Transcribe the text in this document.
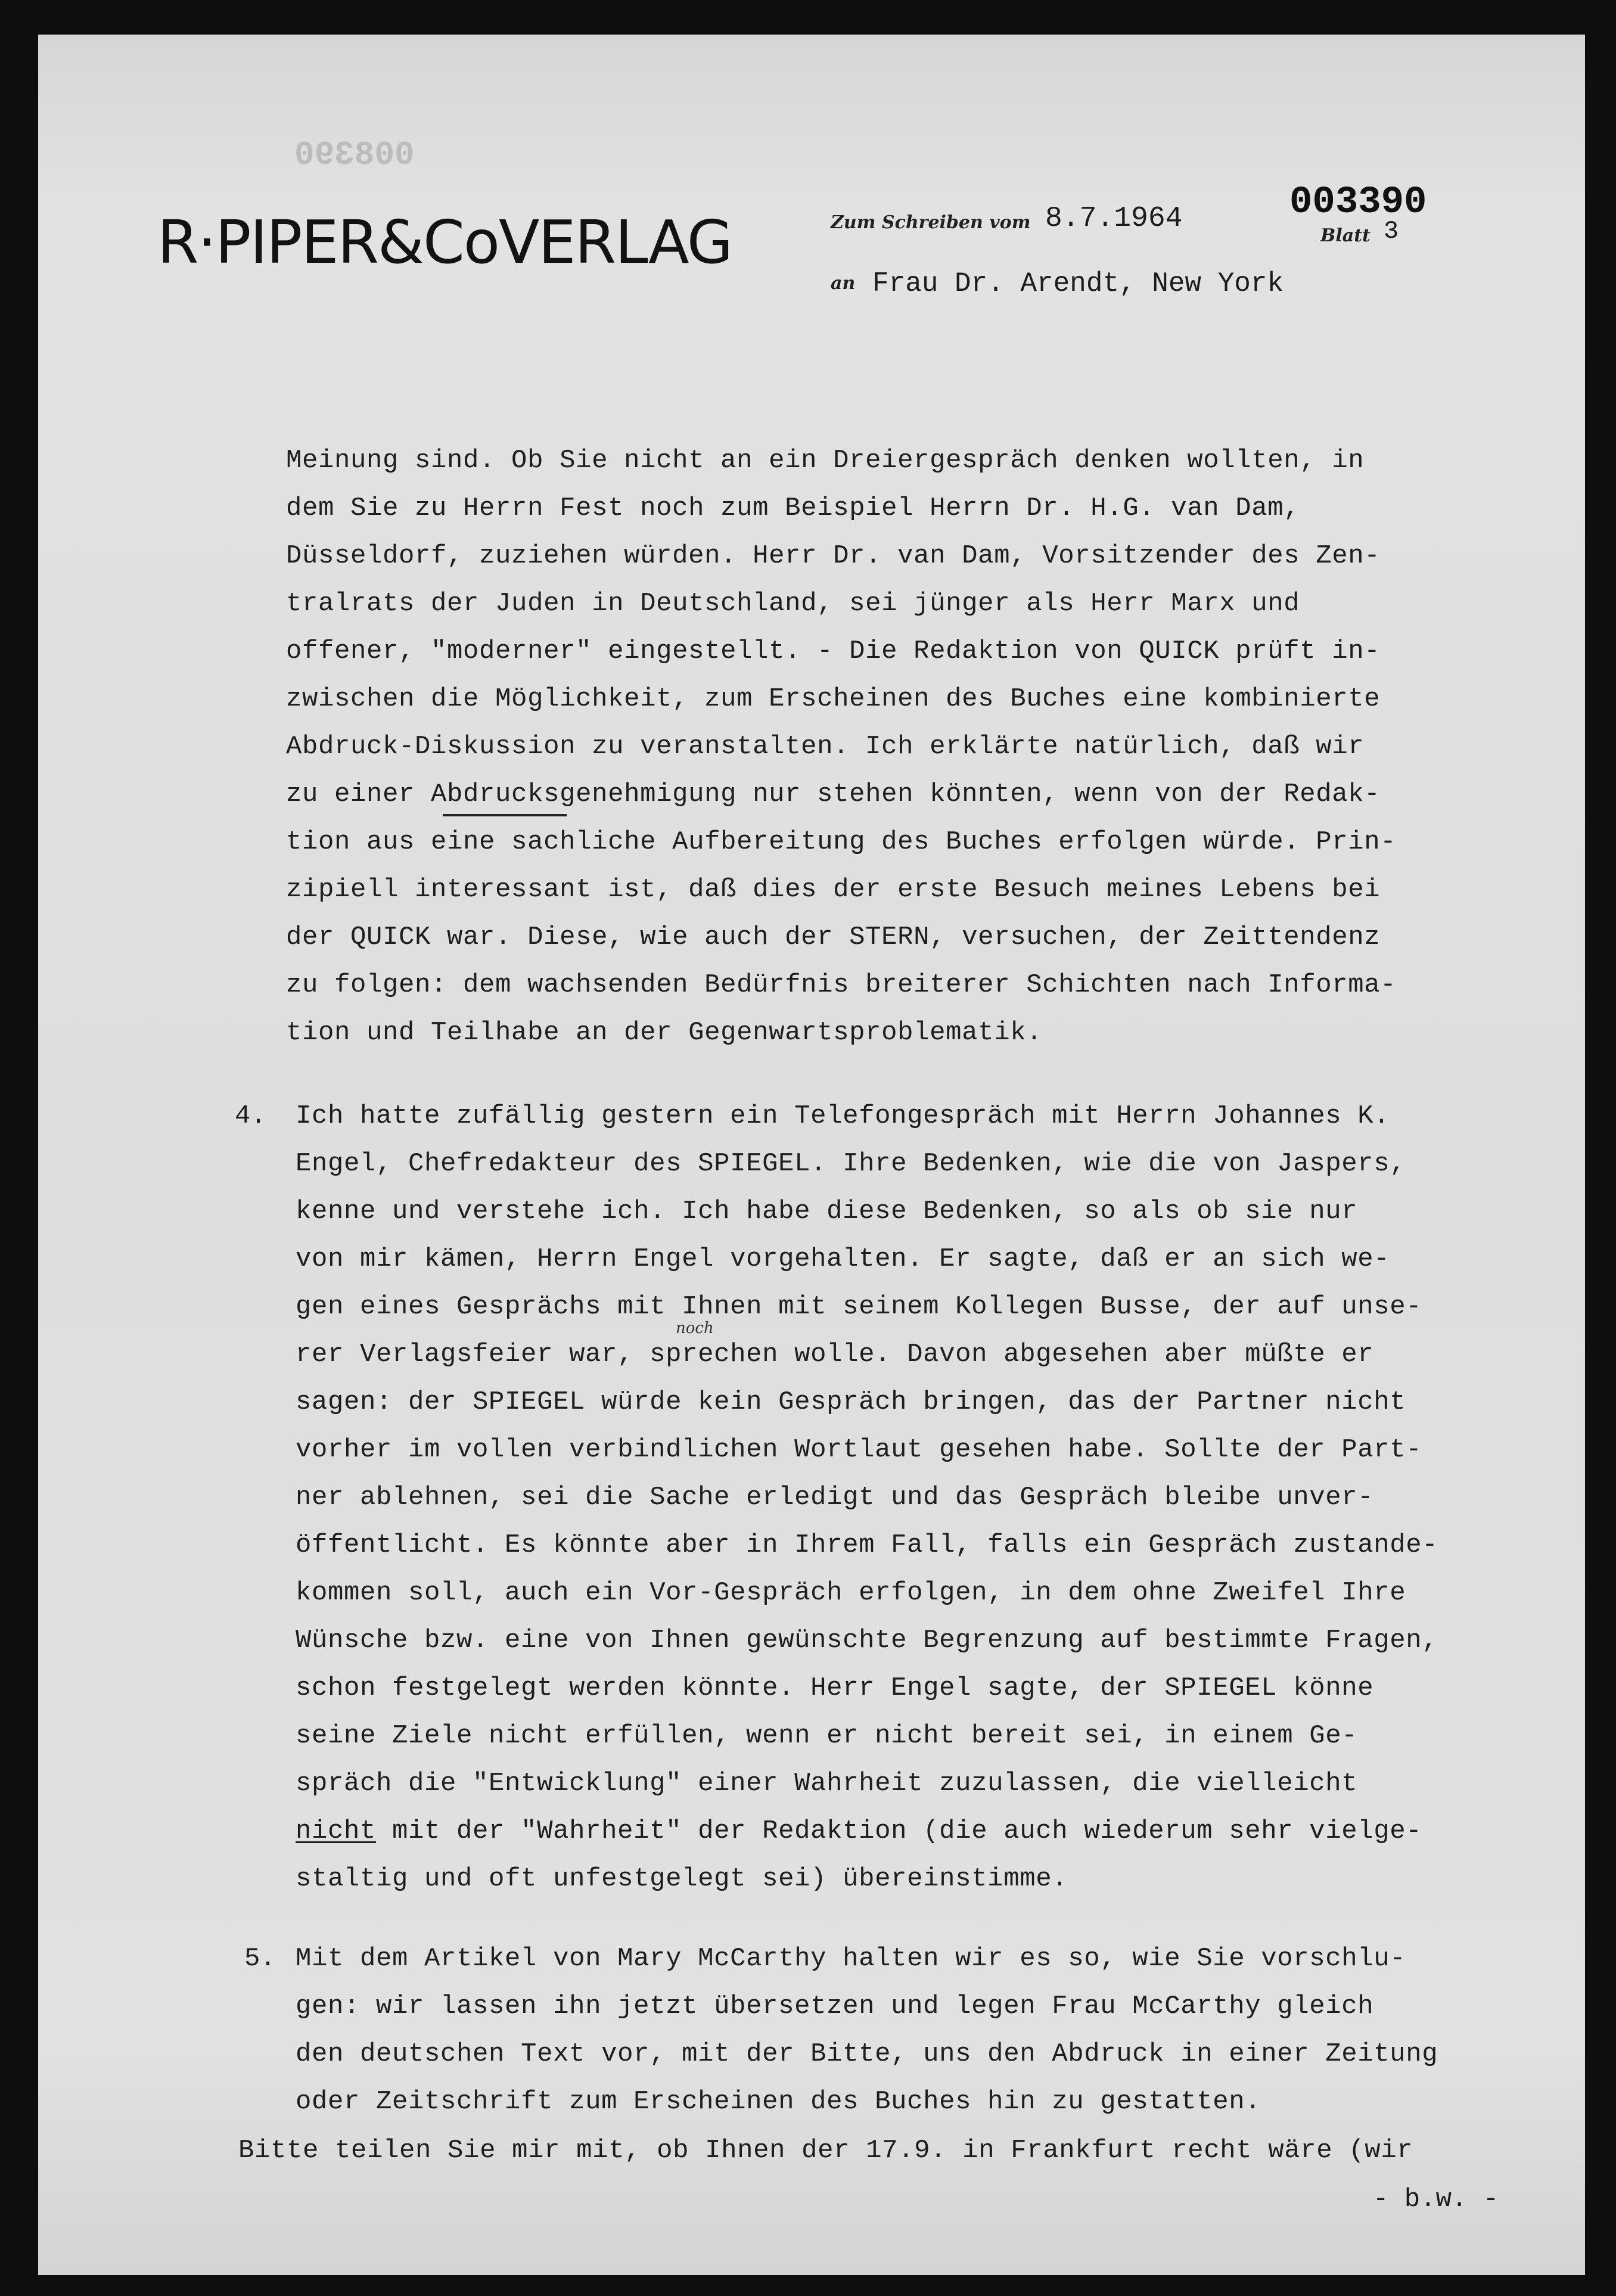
008390
R·PIPER&CoVERLAG	Zum Schreiben vom 8.7.1964
an Frau Dr. Arendt, New York
003390
Blatt 3
Meinung sind. Ob Sie nicht an ein Dreiergespräch denken wollten, in
dem Sie zu Herrn Fest noch zum Beispiel Herrn Dr. H.G. van Dam,
Düsseldorf, zuziehen würden. Herr Dr. van Dam, Vorsitzender des Zen-
tralrats der Juden in Deutschland, sei jünger als Herr Marx und
offener, "moderner" eingestellt. - Die Redaktion von QUICK prüft in-
zwischen die Möglichkeit, zum Erscheinen des Buches eine kombinierte
Abdruck-Diskussion zu veranstalten. Ich erklärte natürlich, daß wir
zu einer Abdrucksgenehmigung nur stehen könnten, wenn von der Redak-
tion aus eine sachliche Aufbereitung des Buches erfolgen würde. Prin-
zipiell interessant ist, daß dies der erste Besuch meines Lebens bei
der QUICK war. Diese, wie auch der STERN, versuchen, der Zeittendenz
zu folgen: dem wachsenden Bedürfnis breiterer Schichten nach Informa-
tion und Teilhabe an der Gegenwartsproblematik.
4. Ich hatte zufällig gestern ein Telefongespräch mit Herrn Johannes K.
Engel, Chefredakteur des SPIEGEL. Ihre Bedenken, wie die von Jaspers,
kenne und verstehe ich. Ich habe diese Bedenken, so als ob sie nur
von mir kämen, Herrn Engel vorgehalten. Er sagte, daß er an sich we-
gen eines Gesprächs mit Ihnen mit seinem Kollegen Busse, der auf unse-
rer Verlagsfeier war, sprechen wolle. Davon abgesehen aber müßte er
sagen: der SPIEGEL würde kein Gespräch bringen, das der Partner nicht
vorher im vollen verbindlichen Wortlaut gesehen habe. Sollte der Part-
ner ablehnen, sei die Sache erledigt und das Gespräch bleibe unver-
öffentlicht. Es könnte aber in Ihrem Fall, falls ein Gespräch zustande-
kommen soll, auch ein Vor-Gespräch erfolgen, in dem ohne Zweifel Ihre
Wünsche bzw. eine von Ihnen gewünschte Begrenzung auf bestimmte Fragen,
schon festgelegt werden könnte. Herr Engel sagte, der SPIEGEL könne
seine Ziele nicht erfüllen, wenn er nicht bereit sei, in einem Ge-
spräch die "Entwicklung" einer Wahrheit zuzulassen, die vielleicht
nicht mit der "Wahrheit" der Redaktion (die auch wiederum sehr vielge-
staltig und oft unfestgelegt sei) übereinstimme.
noch
5. Mit dem Artikel von Mary McCarthy halten wir es so, wie Sie vorschlu-
gen: wir lassen ihn jetzt übersetzen und legen Frau McCarthy gleich
den deutschen Text vor, mit der Bitte, uns den Abdruck in einer Zeitung
oder Zeitschrift zum Erscheinen des Buches hin zu gestatten.
Bitte teilen Sie mir mit, ob Ihnen der 17.9. in Frankfurt recht wäre (wir
- b.w. -
